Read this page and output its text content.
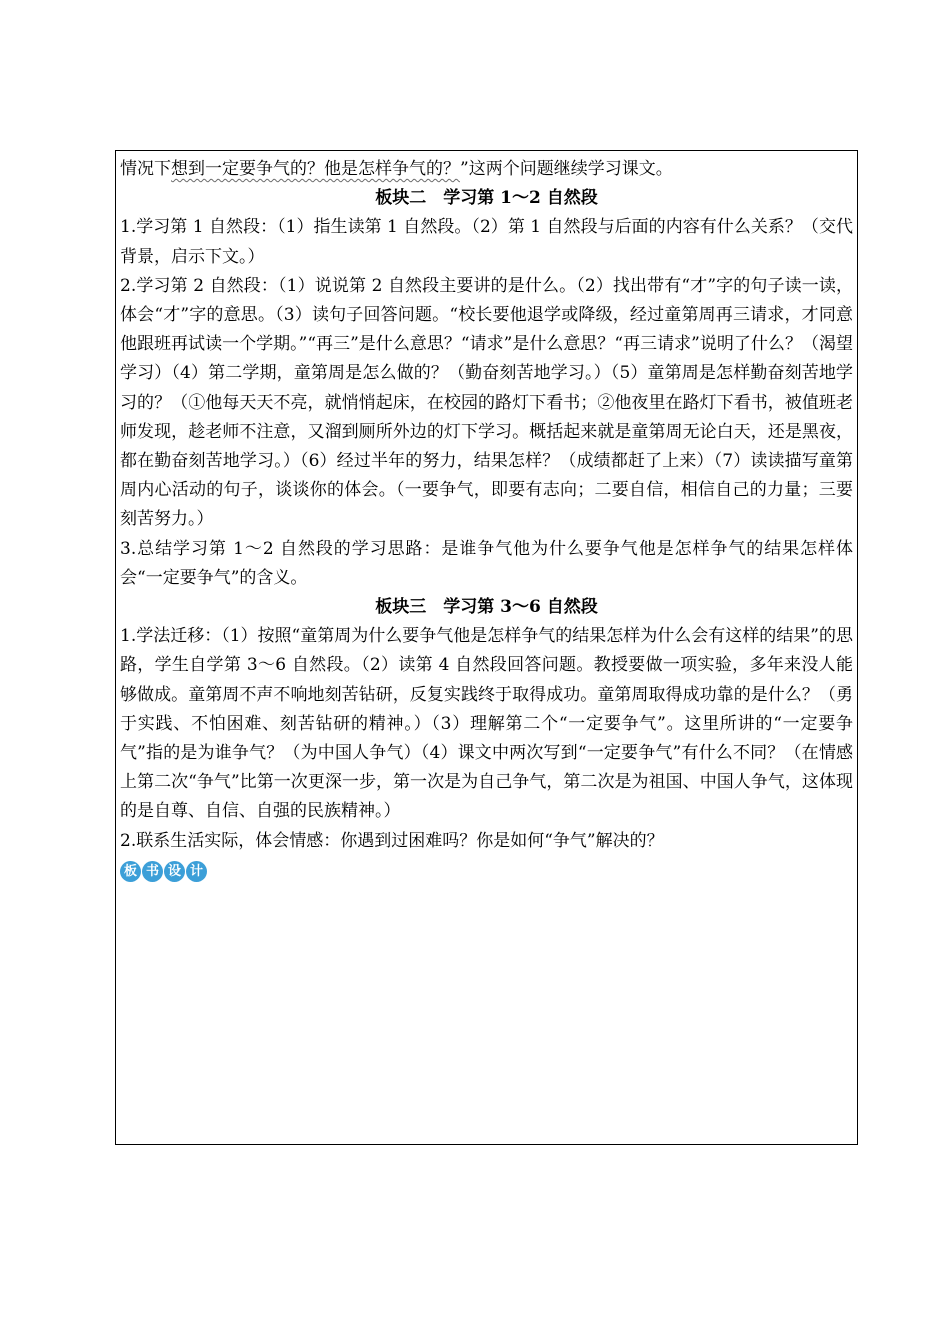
情况下想到一定要争气的？他是怎样争气的？”这两个问题继续学习课文。

板块二　学习第 1～2 自然段

1.学习第 1 自然段：（1）指生读第 1 自然段。（2）第 1 自然段与后面的内容有什么关系？（交代背景，启示下文。）

2.学习第 2 自然段：（1）说说第 2 自然段主要讲的是什么。（2）找出带有“才”字的句子读一读，体会“才”字的意思。（3）读句子回答问题。“校长要他退学或降级，经过童第周再三请求，才同意他跟班再试读一个学期。”“再三”是什么意思？“请求”是什么意思？“再三请求”说明了什么？（渴望学习）（4）第二学期，童第周是怎么做的？（勤奋刻苦地学习。）（5）童第周是怎样勤奋刻苦地学习的？（①他每天天不亮，就悄悄起床，在校园的路灯下看书；②他夜里在路灯下看书，被值班老师发现，趁老师不注意，又溜到厕所外边的灯下学习。概括起来就是童第周无论白天，还是黑夜，都在勤奋刻苦地学习。）（6）经过半年的努力，结果怎样？（成绩都赶了上来）（7）读读描写童第周内心活动的句子，谈谈你的体会。（一要争气，即要有志向；二要自信，相信自己的力量；三要刻苦努力。）

3.总结学习第 1～2 自然段的学习思路：是谁争气他为什么要争气他是怎样争气的结果怎样体会“一定要争气”的含义。

板块三　学习第 3～6 自然段

1.学法迁移：（1）按照“童第周为什么要争气他是怎样争气的结果怎样为什么会有这样的结果”的思路，学生自学第 3～6 自然段。（2）读第 4 自然段回答问题。教授要做一项实验，多年来没人能够做成。童第周不声不响地刻苦钻研，反复实践终于取得成功。童第周取得成功靠的是什么？（勇于实践、不怕困难、刻苦钻研的精神。）（3）理解第二个“一定要争气”。这里所讲的“一定要争气”指的是为谁争气？（为中国人争气）（4）课文中两次写到“一定要争气”有什么不同？（在情感上第二次“争气”比第一次更深一步，第一次是为自己争气，第二次是为祖国、中国人争气，这体现的是自尊、自信、自强的民族精神。）

2.联系生活实际，体会情感：你遇到过困难吗？你是如何“争气”解决的？

板 书 设 计
